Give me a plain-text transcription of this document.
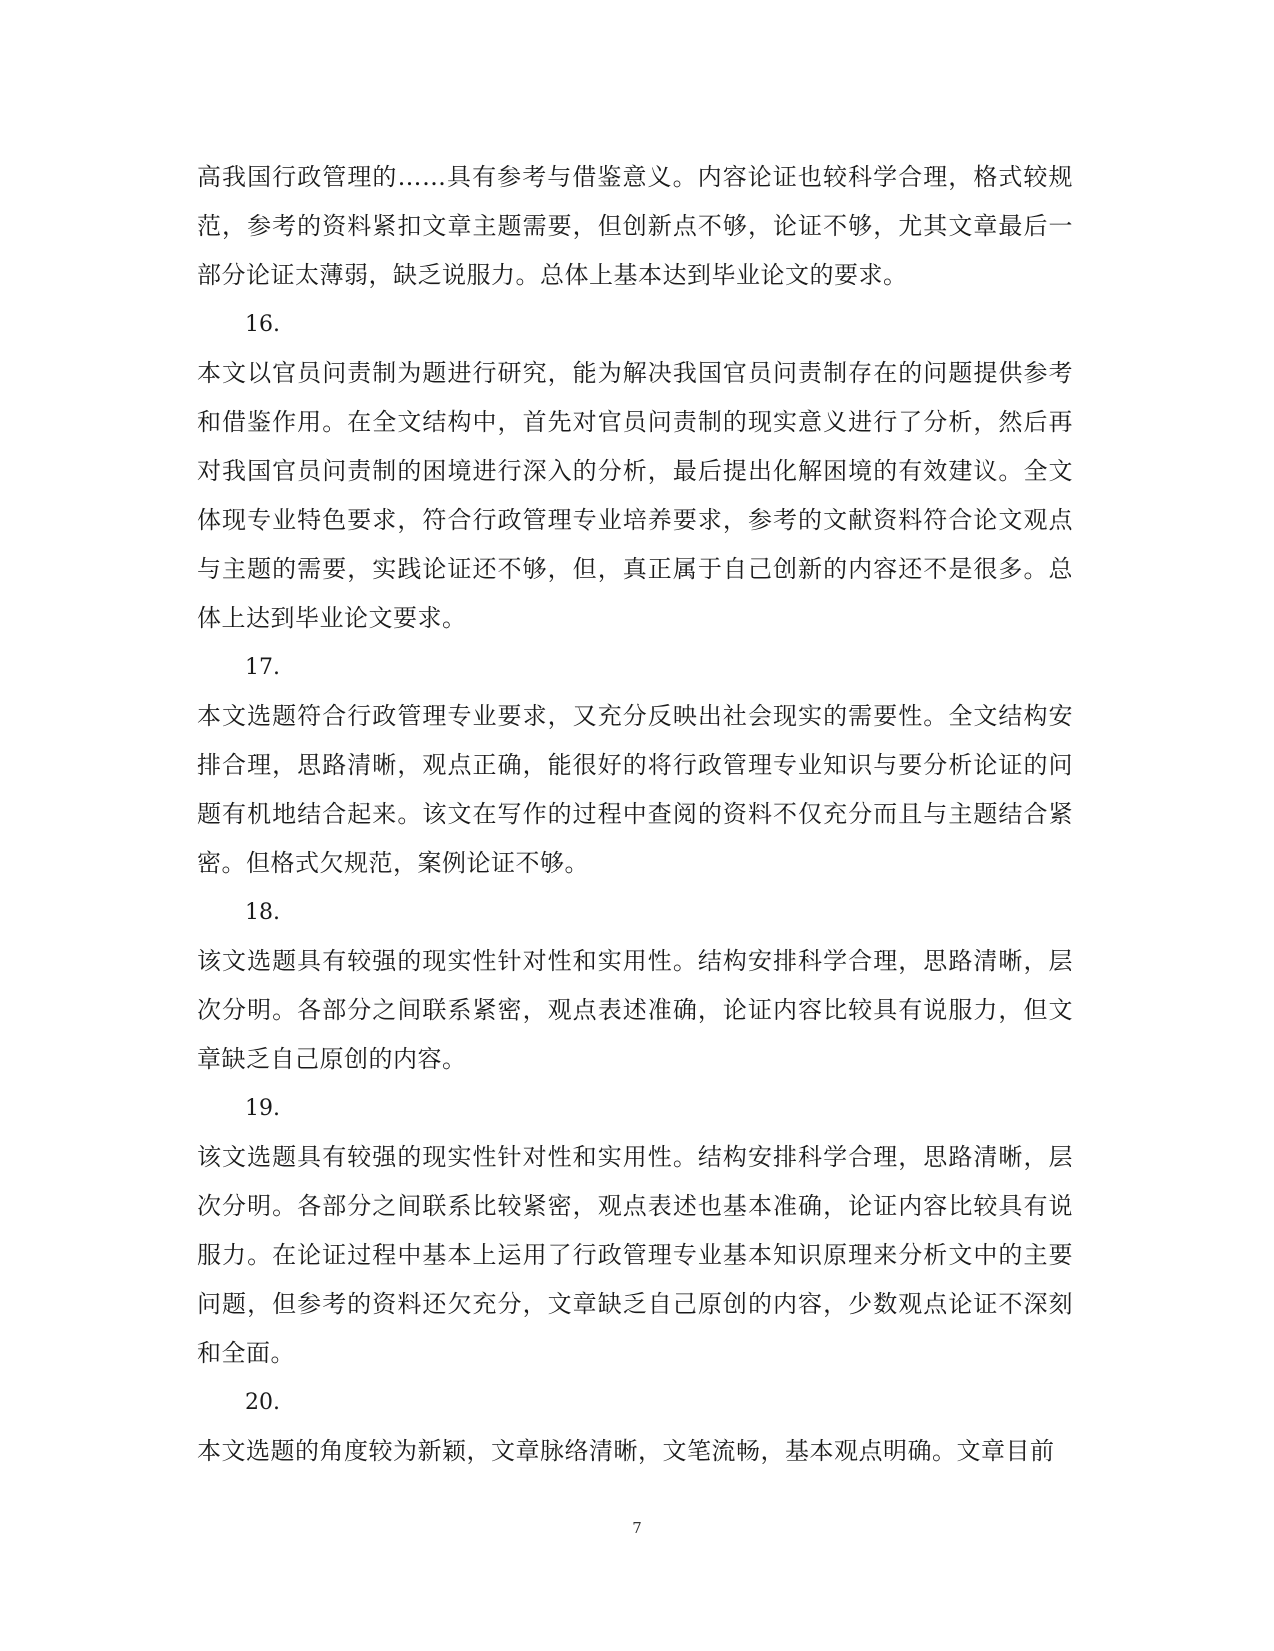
高我国行政管理的……具有参考与借鉴意义。内容论证也较科学合理，格式较规范，参考的资料紧扣文章主题需要，但创新点不够，论证不够，尤其文章最后一部分论证太薄弱，缺乏说服力。总体上基本达到毕业论文的要求。

16.

本文以官员问责制为题进行研究，能为解决我国官员问责制存在的问题提供参考和借鉴作用。在全文结构中，首先对官员问责制的现实意义进行了分析，然后再对我国官员问责制的困境进行深入的分析，最后提出化解困境的有效建议。全文体现专业特色要求，符合行政管理专业培养要求，参考的文献资料符合论文观点与主题的需要，实践论证还不够，但，真正属于自己创新的内容还不是很多。总体上达到毕业论文要求。

17.

本文选题符合行政管理专业要求，又充分反映出社会现实的需要性。全文结构安排合理，思路清晰，观点正确，能很好的将行政管理专业知识与要分析论证的问题有机地结合起来。该文在写作的过程中查阅的资料不仅充分而且与主题结合紧密。但格式欠规范，案例论证不够。

18.

该文选题具有较强的现实性针对性和实用性。结构安排科学合理，思路清晰，层次分明。各部分之间联系紧密，观点表述准确，论证内容比较具有说服力，但文章缺乏自己原创的内容。

19.

该文选题具有较强的现实性针对性和实用性。结构安排科学合理，思路清晰，层次分明。各部分之间联系比较紧密，观点表述也基本准确，论证内容比较具有说服力。在论证过程中基本上运用了行政管理专业基本知识原理来分析文中的主要问题，但参考的资料还欠充分，文章缺乏自己原创的内容，少数观点论证不深刻和全面。

20.

本文选题的角度较为新颖，文章脉络清晰，文笔流畅，基本观点明确。文章目前

7
